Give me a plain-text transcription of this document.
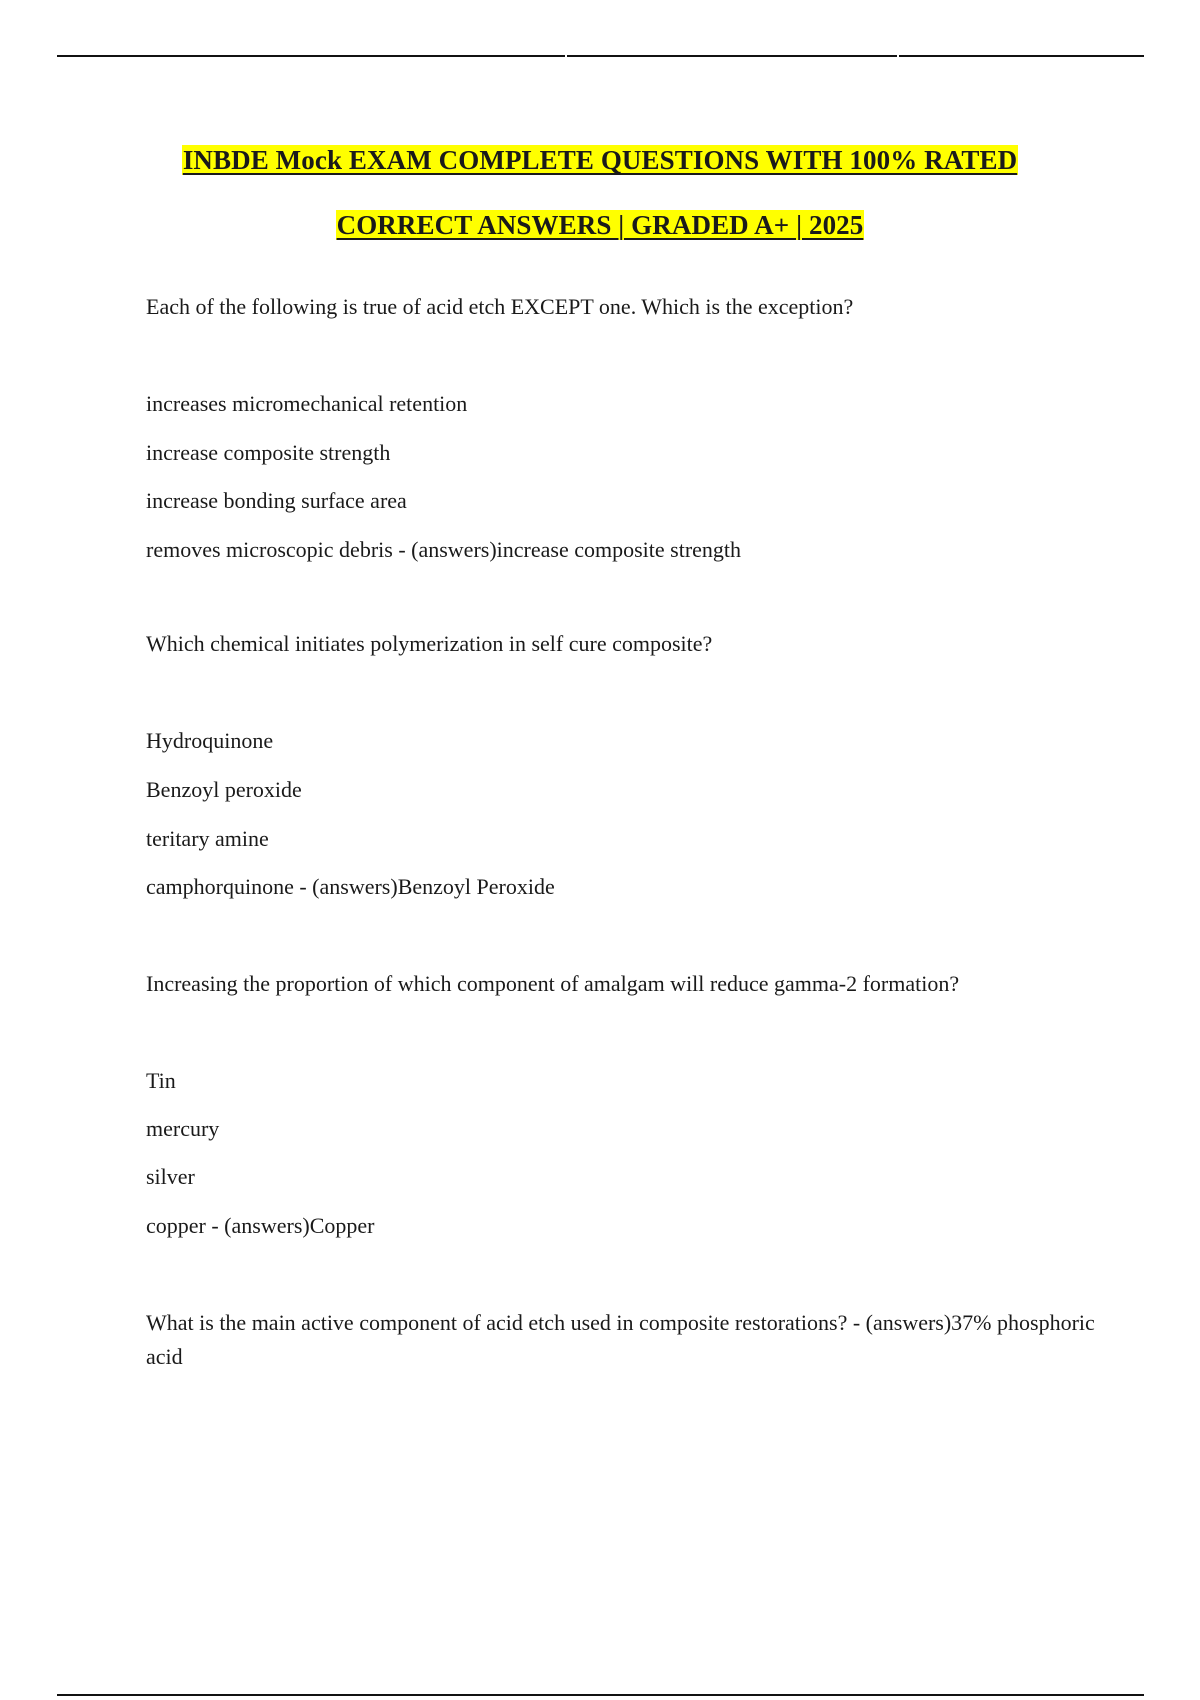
INBDE Mock EXAM COMPLETE QUESTIONS WITH 100% RATED
CORRECT ANSWERS | GRADED A+ | 2025
Each of the following is true of acid etch EXCEPT one. Which is the exception?
increases micromechanical retention
increase composite strength
increase bonding surface area
removes microscopic debris - (answers)increase composite strength
Which chemical initiates polymerization in self cure composite?
Hydroquinone
Benzoyl peroxide
teritary amine
camphorquinone - (answers)Benzoyl Peroxide
Increasing the proportion of which component of amalgam will reduce gamma-2 formation?
Tin
mercury
silver
copper - (answers)Copper
What is the main active component of acid etch used in composite restorations? - (answers)37% phosphoric acid
